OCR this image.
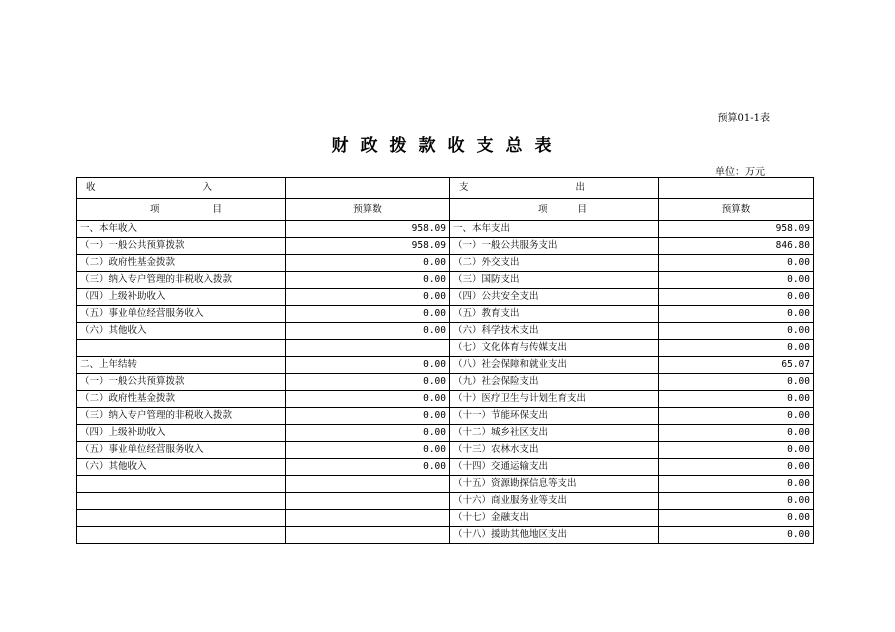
预算01-1表
财政拨款收支总表
单位：万元
收 入		支 出	

项 目	预算数	项 目	预算数
一、本年收入	958.09	一、本年支出	958.09
（一）一般公共预算拨款	958.09	（一）一般公共服务支出	846.80
（二）政府性基金拨款	0.00	（二）外交支出	0.00
（三）纳入专户管理的非税收入拨款	0.00	（三）国防支出	0.00
（四）上级补助收入	0.00	（四）公共安全支出	0.00
（五）事业单位经营服务收入	0.00	（五）教育支出	0.00
（六）其他收入	0.00	（六）科学技术支出	0.00
		（七）文化体育与传媒支出	0.00
二、上年结转	0.00	（八）社会保障和就业支出	65.07
（一）一般公共预算拨款	0.00	（九）社会保险支出	0.00
（二）政府性基金拨款	0.00	（十）医疗卫生与计划生育支出	0.00
（三）纳入专户管理的非税收入拨款	0.00	（十一）节能环保支出	0.00
（四）上级补助收入	0.00	（十二）城乡社区支出	0.00
（五）事业单位经营服务收入	0.00	（十三）农林水支出	0.00
（六）其他收入	0.00	（十四）交通运输支出	0.00
		（十五）资源勘探信息等支出	0.00
		（十六）商业服务业等支出	0.00
		（十七）金融支出	0.00
		（十八）援助其他地区支出	0.00
